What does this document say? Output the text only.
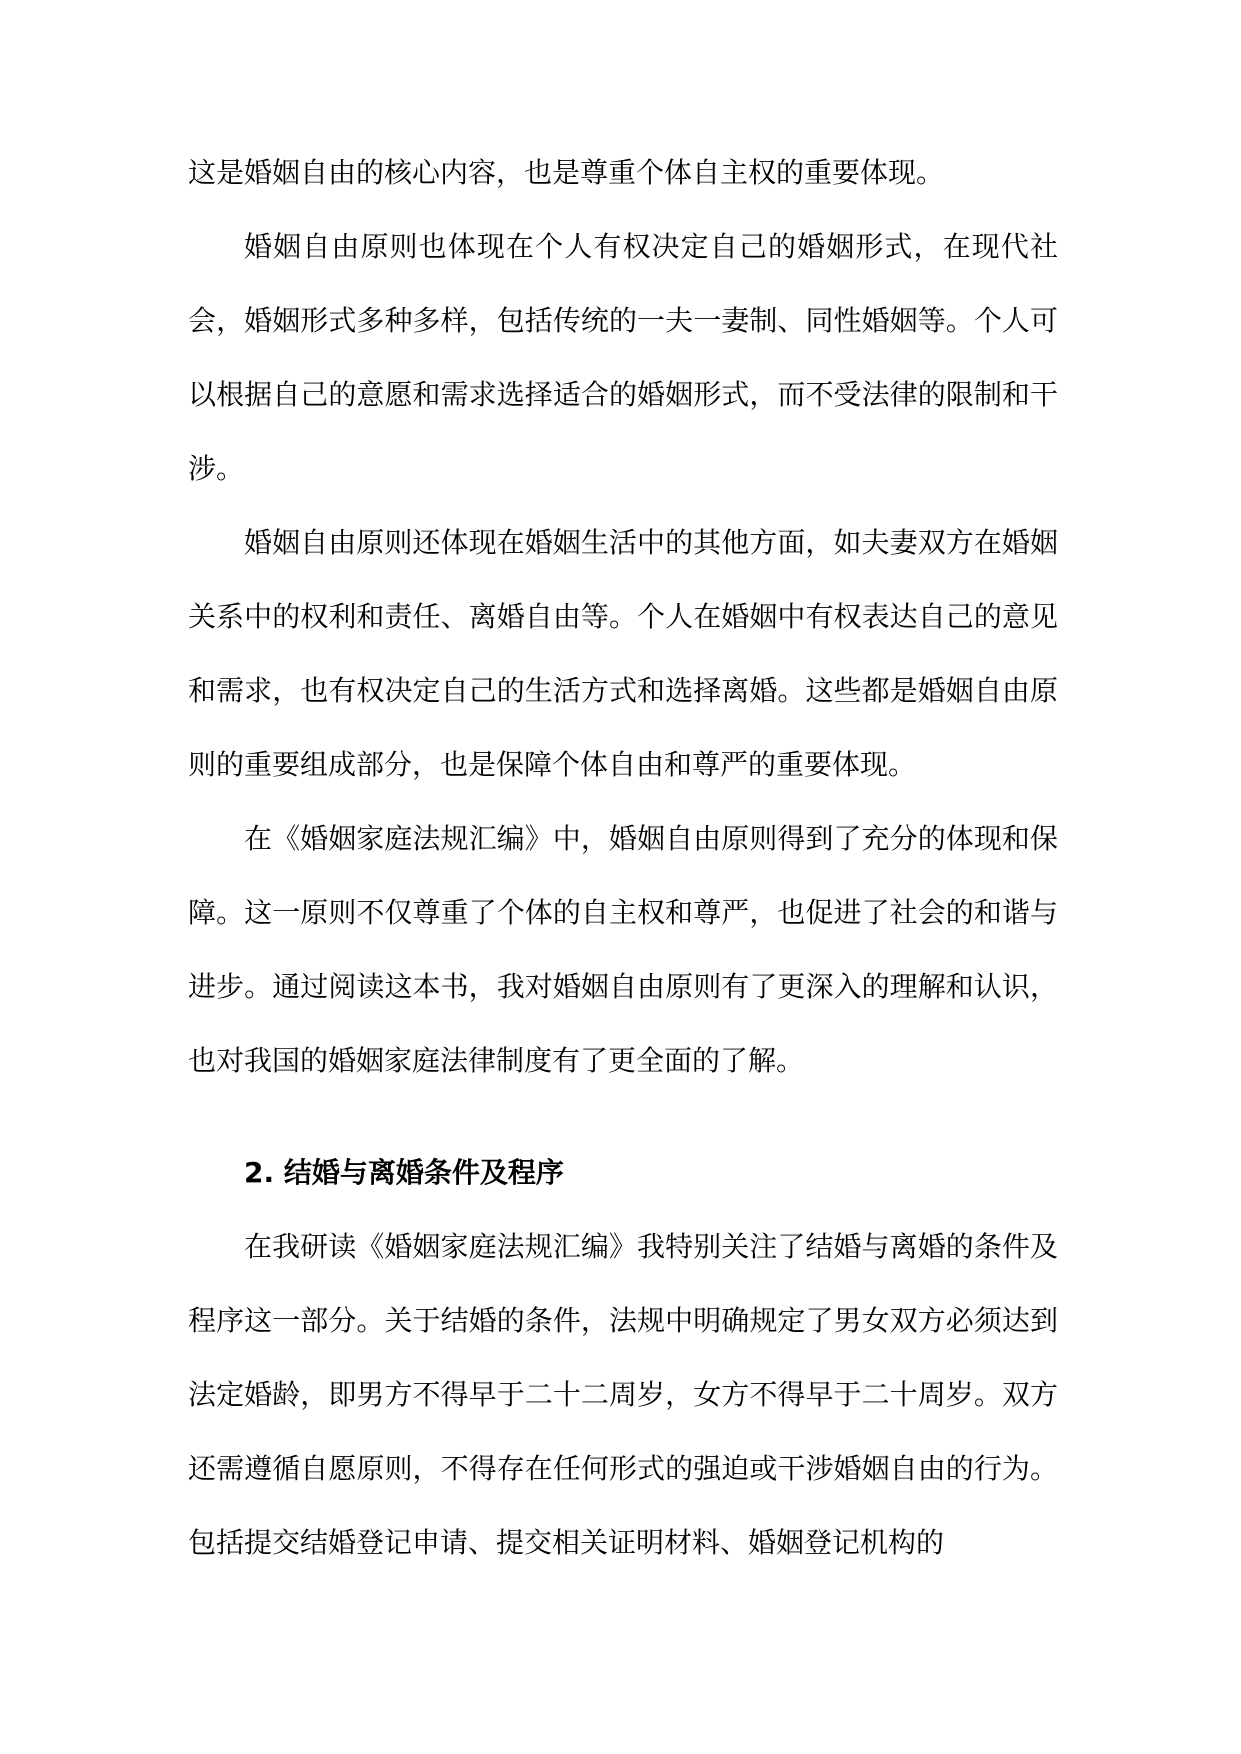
这是婚姻自由的核心内容，也是尊重个体自主权的重要体现。

婚姻自由原则也体现在个人有权决定自己的婚姻形式，在现代社会，婚姻形式多种多样，包括传统的一夫一妻制、同性婚姻等。个人可以根据自己的意愿和需求选择适合的婚姻形式，而不受法律的限制和干涉。

婚姻自由原则还体现在婚姻生活中的其他方面，如夫妻双方在婚姻关系中的权利和责任、离婚自由等。个人在婚姻中有权表达自己的意见和需求，也有权决定自己的生活方式和选择离婚。这些都是婚姻自由原则的重要组成部分，也是保障个体自由和尊严的重要体现。

在《婚姻家庭法规汇编》中，婚姻自由原则得到了充分的体现和保障。这一原则不仅尊重了个体的自主权和尊严，也促进了社会的和谐与进步。通过阅读这本书，我对婚姻自由原则有了更深入的理解和认识，也对我国的婚姻家庭法律制度有了更全面的了解。

2. 结婚与离婚条件及程序

在我研读《婚姻家庭法规汇编》我特别关注了结婚与离婚的条件及程序这一部分。关于结婚的条件，法规中明确规定了男女双方必须达到法定婚龄，即男方不得早于二十二周岁，女方不得早于二十周岁。双方还需遵循自愿原则，不得存在任何形式的强迫或干涉婚姻自由的行为。包括提交结婚登记申请、提交相关证明材料、婚姻登记机构的
